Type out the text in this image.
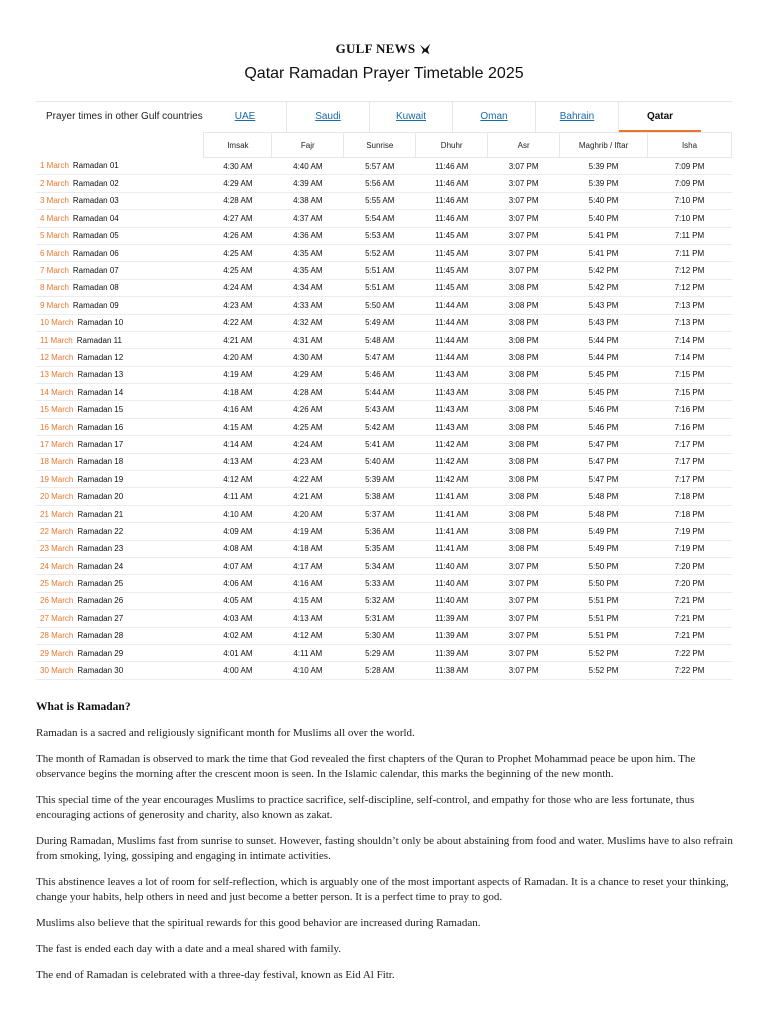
GULF NEWS
Qatar Ramadan Prayer Timetable 2025
Prayer times in other Gulf countries	UAE	Saudi	Kuwait	Oman	Bahrain	Qatar
	Imsak	Fajr	Sunrise	Dhuhr	Asr	Maghrib / Iftar	Isha
1 March Ramadan 01	4:30 AM	4:40 AM	5:57 AM	11:46 AM	3:07 PM	5:39 PM	7:09 PM
2 March Ramadan 02	4:29 AM	4:39 AM	5:56 AM	11:46 AM	3:07 PM	5:39 PM	7:09 PM
3 March Ramadan 03	4:28 AM	4:38 AM	5:55 AM	11:46 AM	3:07 PM	5:40 PM	7:10 PM
4 March Ramadan 04	4:27 AM	4:37 AM	5:54 AM	11:46 AM	3:07 PM	5:40 PM	7:10 PM
5 March Ramadan 05	4:26 AM	4:36 AM	5:53 AM	11:45 AM	3:07 PM	5:41 PM	7:11 PM
6 March Ramadan 06	4:25 AM	4:35 AM	5:52 AM	11:45 AM	3:07 PM	5:41 PM	7:11 PM
7 March Ramadan 07	4:25 AM	4:35 AM	5:51 AM	11:45 AM	3:07 PM	5:42 PM	7:12 PM
8 March Ramadan 08	4:24 AM	4:34 AM	5:51 AM	11:45 AM	3:08 PM	5:42 PM	7:12 PM
9 March Ramadan 09	4:23 AM	4:33 AM	5:50 AM	11:44 AM	3:08 PM	5:43 PM	7:13 PM
10 March Ramadan 10	4:22 AM	4:32 AM	5:49 AM	11:44 AM	3:08 PM	5:43 PM	7:13 PM
11 March Ramadan 11	4:21 AM	4:31 AM	5:48 AM	11:44 AM	3:08 PM	5:44 PM	7:14 PM
12 March Ramadan 12	4:20 AM	4:30 AM	5:47 AM	11:44 AM	3:08 PM	5:44 PM	7:14 PM
13 March Ramadan 13	4:19 AM	4:29 AM	5:46 AM	11:43 AM	3:08 PM	5:45 PM	7:15 PM
14 March Ramadan 14	4:18 AM	4:28 AM	5:44 AM	11:43 AM	3:08 PM	5:45 PM	7:15 PM
15 March Ramadan 15	4:16 AM	4:26 AM	5:43 AM	11:43 AM	3:08 PM	5:46 PM	7:16 PM
16 March Ramadan 16	4:15 AM	4:25 AM	5:42 AM	11:43 AM	3:08 PM	5:46 PM	7:16 PM
17 March Ramadan 17	4:14 AM	4:24 AM	5:41 AM	11:42 AM	3:08 PM	5:47 PM	7:17 PM
18 March Ramadan 18	4:13 AM	4:23 AM	5:40 AM	11:42 AM	3:08 PM	5:47 PM	7:17 PM
19 March Ramadan 19	4:12 AM	4:22 AM	5:39 AM	11:42 AM	3:08 PM	5:47 PM	7:17 PM
20 March Ramadan 20	4:11 AM	4:21 AM	5:38 AM	11:41 AM	3:08 PM	5:48 PM	7:18 PM
21 March Ramadan 21	4:10 AM	4:20 AM	5:37 AM	11:41 AM	3:08 PM	5:48 PM	7:18 PM
22 March Ramadan 22	4:09 AM	4:19 AM	5:36 AM	11:41 AM	3:08 PM	5:49 PM	7:19 PM
23 March Ramadan 23	4:08 AM	4:18 AM	5:35 AM	11:41 AM	3:08 PM	5:49 PM	7:19 PM
24 March Ramadan 24	4:07 AM	4:17 AM	5:34 AM	11:40 AM	3:07 PM	5:50 PM	7:20 PM
25 March Ramadan 25	4:06 AM	4:16 AM	5:33 AM	11:40 AM	3:07 PM	5:50 PM	7:20 PM
26 March Ramadan 26	4:05 AM	4:15 AM	5:32 AM	11:40 AM	3:07 PM	5:51 PM	7:21 PM
27 March Ramadan 27	4:03 AM	4:13 AM	5:31 AM	11:39 AM	3:07 PM	5:51 PM	7:21 PM
28 March Ramadan 28	4:02 AM	4:12 AM	5:30 AM	11:39 AM	3:07 PM	5:51 PM	7:21 PM
29 March Ramadan 29	4:01 AM	4:11 AM	5:29 AM	11:39 AM	3:07 PM	5:52 PM	7:22 PM
30 March Ramadan 30	4:00 AM	4:10 AM	5:28 AM	11:38 AM	3:07 PM	5:52 PM	7:22 PM
What is Ramadan?

Ramadan is a sacred and religiously significant month for Muslims all over the world.

The month of Ramadan is observed to mark the time that God revealed the first chapters of the Quran to Prophet Mohammad peace be upon him. The observance begins the morning after the crescent moon is seen. In the Islamic calendar, this marks the beginning of the new month.

This special time of the year encourages Muslims to practice sacrifice, self-discipline, self-control, and empathy for those who are less fortunate, thus encouraging actions of generosity and charity, also known as zakat.

During Ramadan, Muslims fast from sunrise to sunset. However, fasting shouldn’t only be about abstaining from food and water. Muslims have to also refrain from smoking, lying, gossiping and engaging in intimate activities.

This abstinence leaves a lot of room for self-reflection, which is arguably one of the most important aspects of Ramadan. It is a chance to reset your thinking, change your habits, help others in need and just become a better person. It is a perfect time to pray to god.

Muslims also believe that the spiritual rewards for this good behavior are increased during Ramadan.

The fast is ended each day with a date and a meal shared with family.

The end of Ramadan is celebrated with a three-day festival, known as Eid Al Fitr.
